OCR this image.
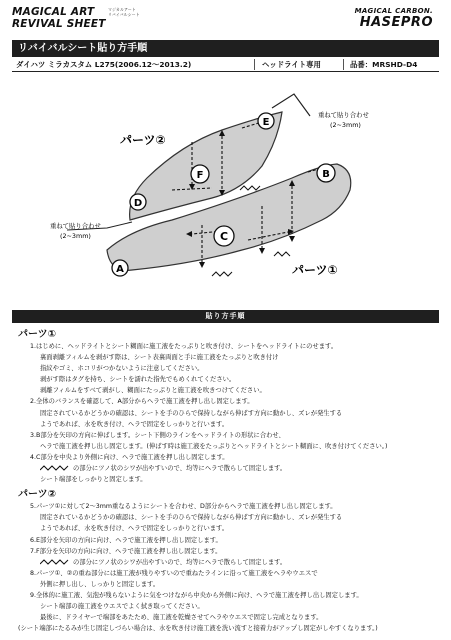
MAGICAL ART
REVIVAL SHEET
マジカルアート
リバイバルシート	MAGICAL CARBON.
HASEPRO
リバイバルシート貼り方手順
ダイハツ ミラカスタム L275(2006.12～2013.2)	ヘッドライト専用	品番：MRSHD-D4
A
B
C
D
E
F
パーツ②
パーツ①
重ねて貼り合わせ
(2~3mm)
重ねて貼り合わせ
(2~3mm)
貼り方手順
パーツ①
1.はじめに、ヘッドライトとシート糊面に施工液をたっぷりと吹き付け、シートをヘッドライトにのせます。
裏面剥離フィルムを剥がす際は、シート表裏両面と手に施工液をたっぷりと吹き付け
指紋やゴミ、ホコリがつかないように注意してください。
剥がす際はタグを持ち、シートを濡れた指先でもめくれてください。
剥離フィルムをすべて剥がし、糊面にたっぷりと施工液を吹きつけてください。
2.全体のバランスを確認して、A部分からヘラで施工液を押し出し固定します。
固定されているかどうかの確認は、シートを手のひらで保持しながら伸ばす方向に動かし、ズレが発生する
ようであれば、水を吹き付け、ヘラで固定をしっかりと行います。
3.B部分を矢印の方向に伸ばします。シート下側のラインをヘッドライトの形状に合わせ、
ヘラで施工液を押し出し固定します。(伸ばす時は施工液をたっぷりとヘッドライトとシート糊面に、吹き付けてください。)
4.C部分を中央より外側に向け、ヘラで施工液を押し出し固定します。
の部分にツノ状のシワが出やすいので、均等にヘラで散らして固定します。
シート端部をしっかりと固定します。
パーツ②
5.パーツ①に対して2～3mm重なるようにシートを合わせ、D部分からヘラで施工液を押し出し固定します。
固定されているかどうかの確認は、シートを手のひらで保持しながら伸ばす方向に動かし、ズレが発生する
ようであれば、水を吹き付け、ヘラで固定をしっかりと行います。
6.E部分を矢印の方向に向け、ヘラで施工液を押し出し固定します。
7.F部分を矢印の方向に向け、ヘラで施工液を押し出し固定します。
の部分にツノ状のシワが出やすいので、均等にヘラで散らして固定します。
8.パーツ①、②の重ね部分には施工液が残りやすいので重ねたラインに沿って施工液をヘラやウエスで
外側に押し出し、しっかりと固定します。
9.全体的に施工液、気泡が残らないように気をつけながら中央から外側に向け、ヘラで施工液を押し出し固定します。
シート端部の施工液をウエスでよく拭き取ってください。
最後に、ドライヤーで端部をあたため、施工液を乾燥させてヘラやウエスで固定し完成となります。
(シート端部にたるみが生じ固定しづらい場合は、水を吹き付け施工液を洗い流すと接着力がアップし固定がしやすくなります。)
